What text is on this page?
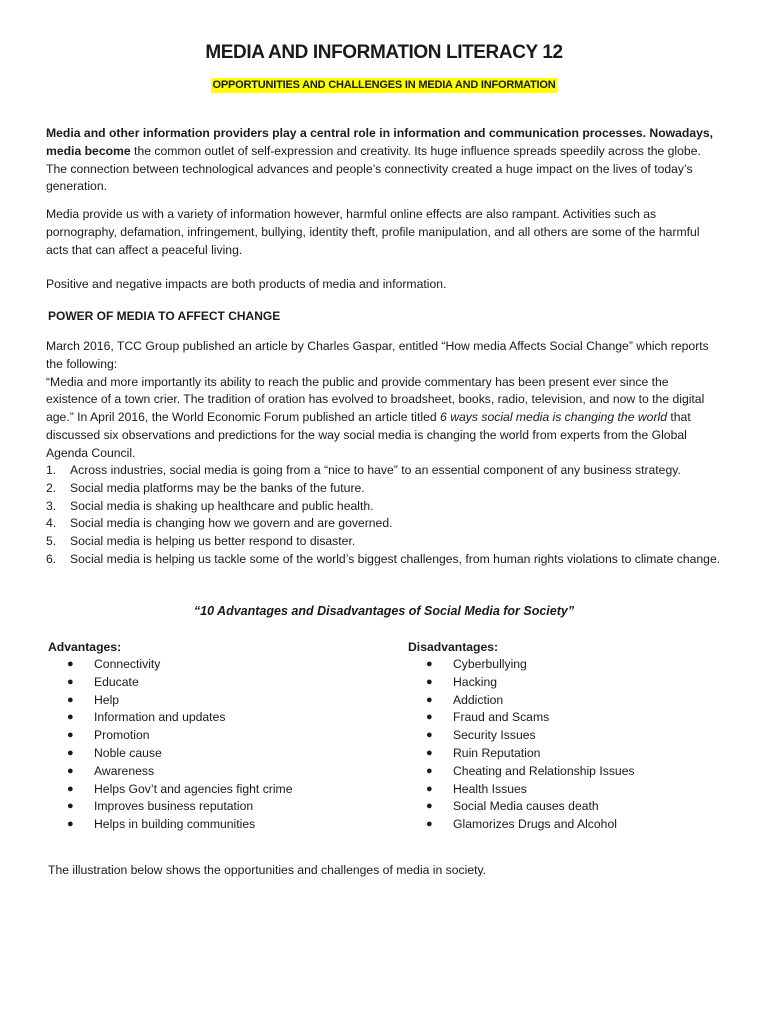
MEDIA AND INFORMATION LITERACY 12
OPPORTUNITIES AND CHALLENGES IN MEDIA AND INFORMATION

Media and other information providers play a central role in information and communication processes. Nowadays, media become the common outlet of self-expression and creativity. Its huge influence spreads speedily across the globe. The connection between technological advances and people’s connectivity created a huge impact on the lives of today’s generation.

Media provide us with a variety of information however, harmful online effects are also rampant. Activities such as pornography, defamation, infringement, bullying, identity theft, profile manipulation, and all others are some of the harmful acts that can affect a peaceful living.

Positive and negative impacts are both products of media and information.

POWER OF MEDIA TO AFFECT CHANGE

March 2016, TCC Group published an article by Charles Gaspar, entitled “How media Affects Social Change” which reports the following:

“Media and more importantly its ability to reach the public and provide commentary has been present ever since the existence of a town crier. The tradition of oration has evolved to broadsheet, books, radio, television, and now to the digital age.” In April 2016, the World Economic Forum published an article titled 6 ways social media is changing the world that discussed six observations and predictions for the way social media is changing the world from experts from the Global Agenda Council.

1. Across industries, social media is going from a “nice to have” to an essential component of any business strategy.
2. Social media platforms may be the banks of the future.
3. Social media is shaking up healthcare and public health.
4. Social media is changing how we govern and are governed.
5. Social media is helping us better respond to disaster.
6. Social media is helping us tackle some of the world’s biggest challenges, from human rights violations to climate change.
“10 Advantages and Disadvantages of Social Media for Society”
Advantages:	Disadvantages:
● Connectivity
● Educate
● Help
● Information and updates
● Promotion
● Noble cause
● Awareness
● Helps Gov’t and agencies fight crime
● Improves business reputation
● Helps in building communities
● Cyberbullying
● Hacking
● Addiction
● Fraud and Scams
● Security Issues
● Ruin Reputation
● Cheating and Relationship Issues
● Health Issues
● Social Media causes death
● Glamorizes Drugs and Alcohol
The illustration below shows the opportunities and challenges of media in society.
